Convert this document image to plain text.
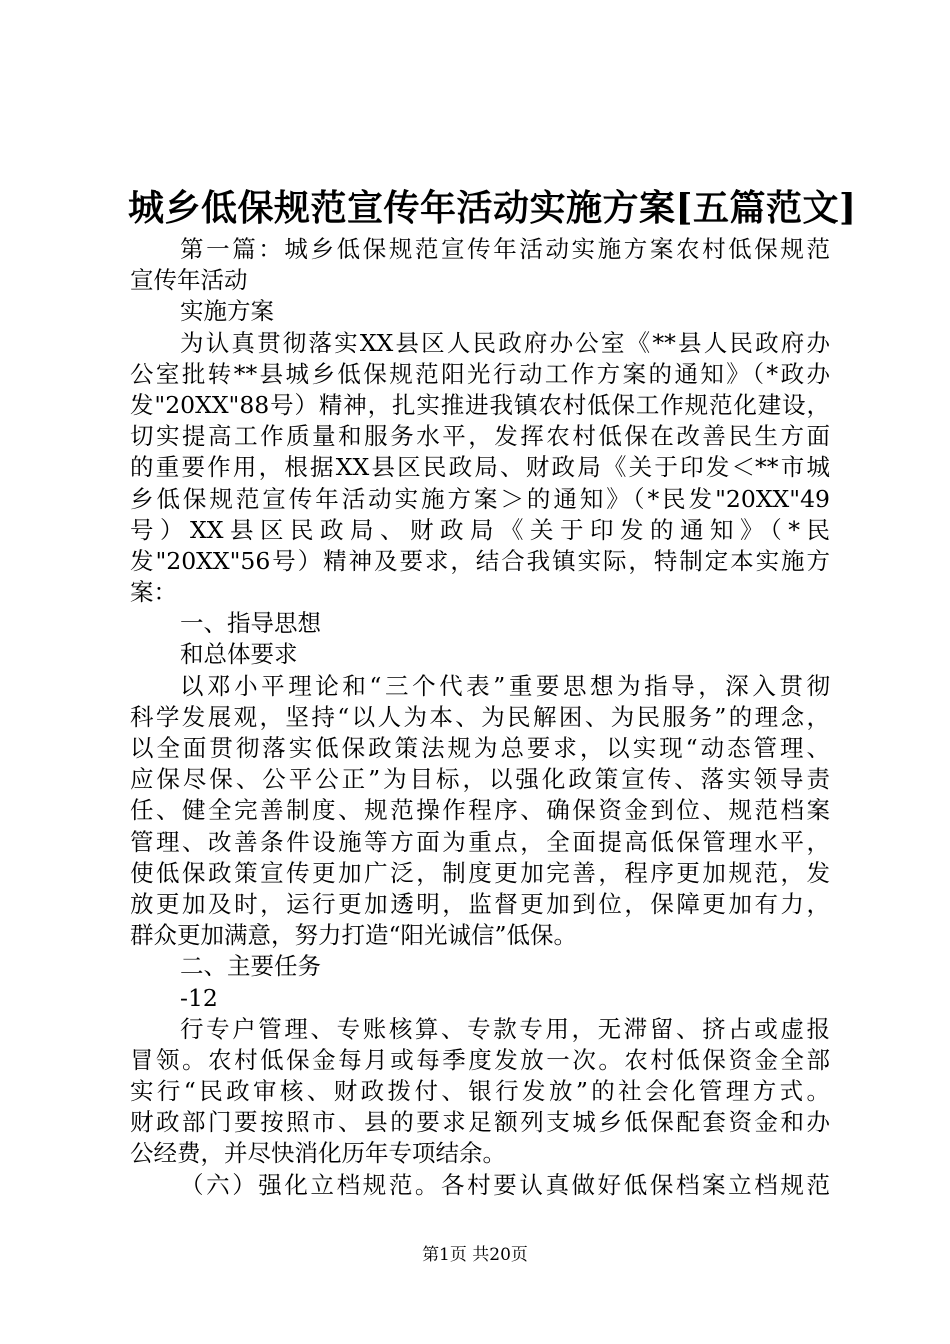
城乡低保规范宣传年活动实施方案[五篇范文]
第一篇：城乡低保规范宣传年活动实施方案农村低保规范
宣传年活动
实施方案
为认真贯彻落实XX县区人民政府办公室《**县人民政府办
公室批转**县城乡低保规范阳光行动工作方案的通知》（*政办
发"20XX"88号）精神，扎实推进我镇农村低保工作规范化建设，
切实提高工作质量和服务水平，发挥农村低保在改善民生方面
的重要作用，根据XX县区民政局、财政局《关于印发＜**市城
乡低保规范宣传年活动实施方案＞的通知》（*民发"20XX"49
号）XX县区民政局、财政局《关于印发的通知》（*民
发"20XX"56号）精神及要求，结合我镇实际，特制定本实施方
案：
一、指导思想
和总体要求
以邓小平理论和“三个代表”重要思想为指导，深入贯彻
科学发展观，坚持“以人为本、为民解困、为民服务”的理念，
以全面贯彻落实低保政策法规为总要求，以实现“动态管理、
应保尽保、公平公正”为目标，以强化政策宣传、落实领导责
任、健全完善制度、规范操作程序、确保资金到位、规范档案
管理、改善条件设施等方面为重点，全面提高低保管理水平，
使低保政策宣传更加广泛，制度更加完善，程序更加规范，发
放更加及时，运行更加透明，监督更加到位，保障更加有力，
群众更加满意，努力打造“阳光诚信”低保。
二、主要任务
-12
行专户管理、专账核算、专款专用，无滞留、挤占或虚报
冒领。农村低保金每月或每季度发放一次。农村低保资金全部
实行“民政审核、财政拨付、银行发放”的社会化管理方式。
财政部门要按照市、县的要求足额列支城乡低保配套资金和办
公经费，并尽快消化历年专项结余。
（六）强化立档规范。各村要认真做好低保档案立档规范
第1页 共20页
